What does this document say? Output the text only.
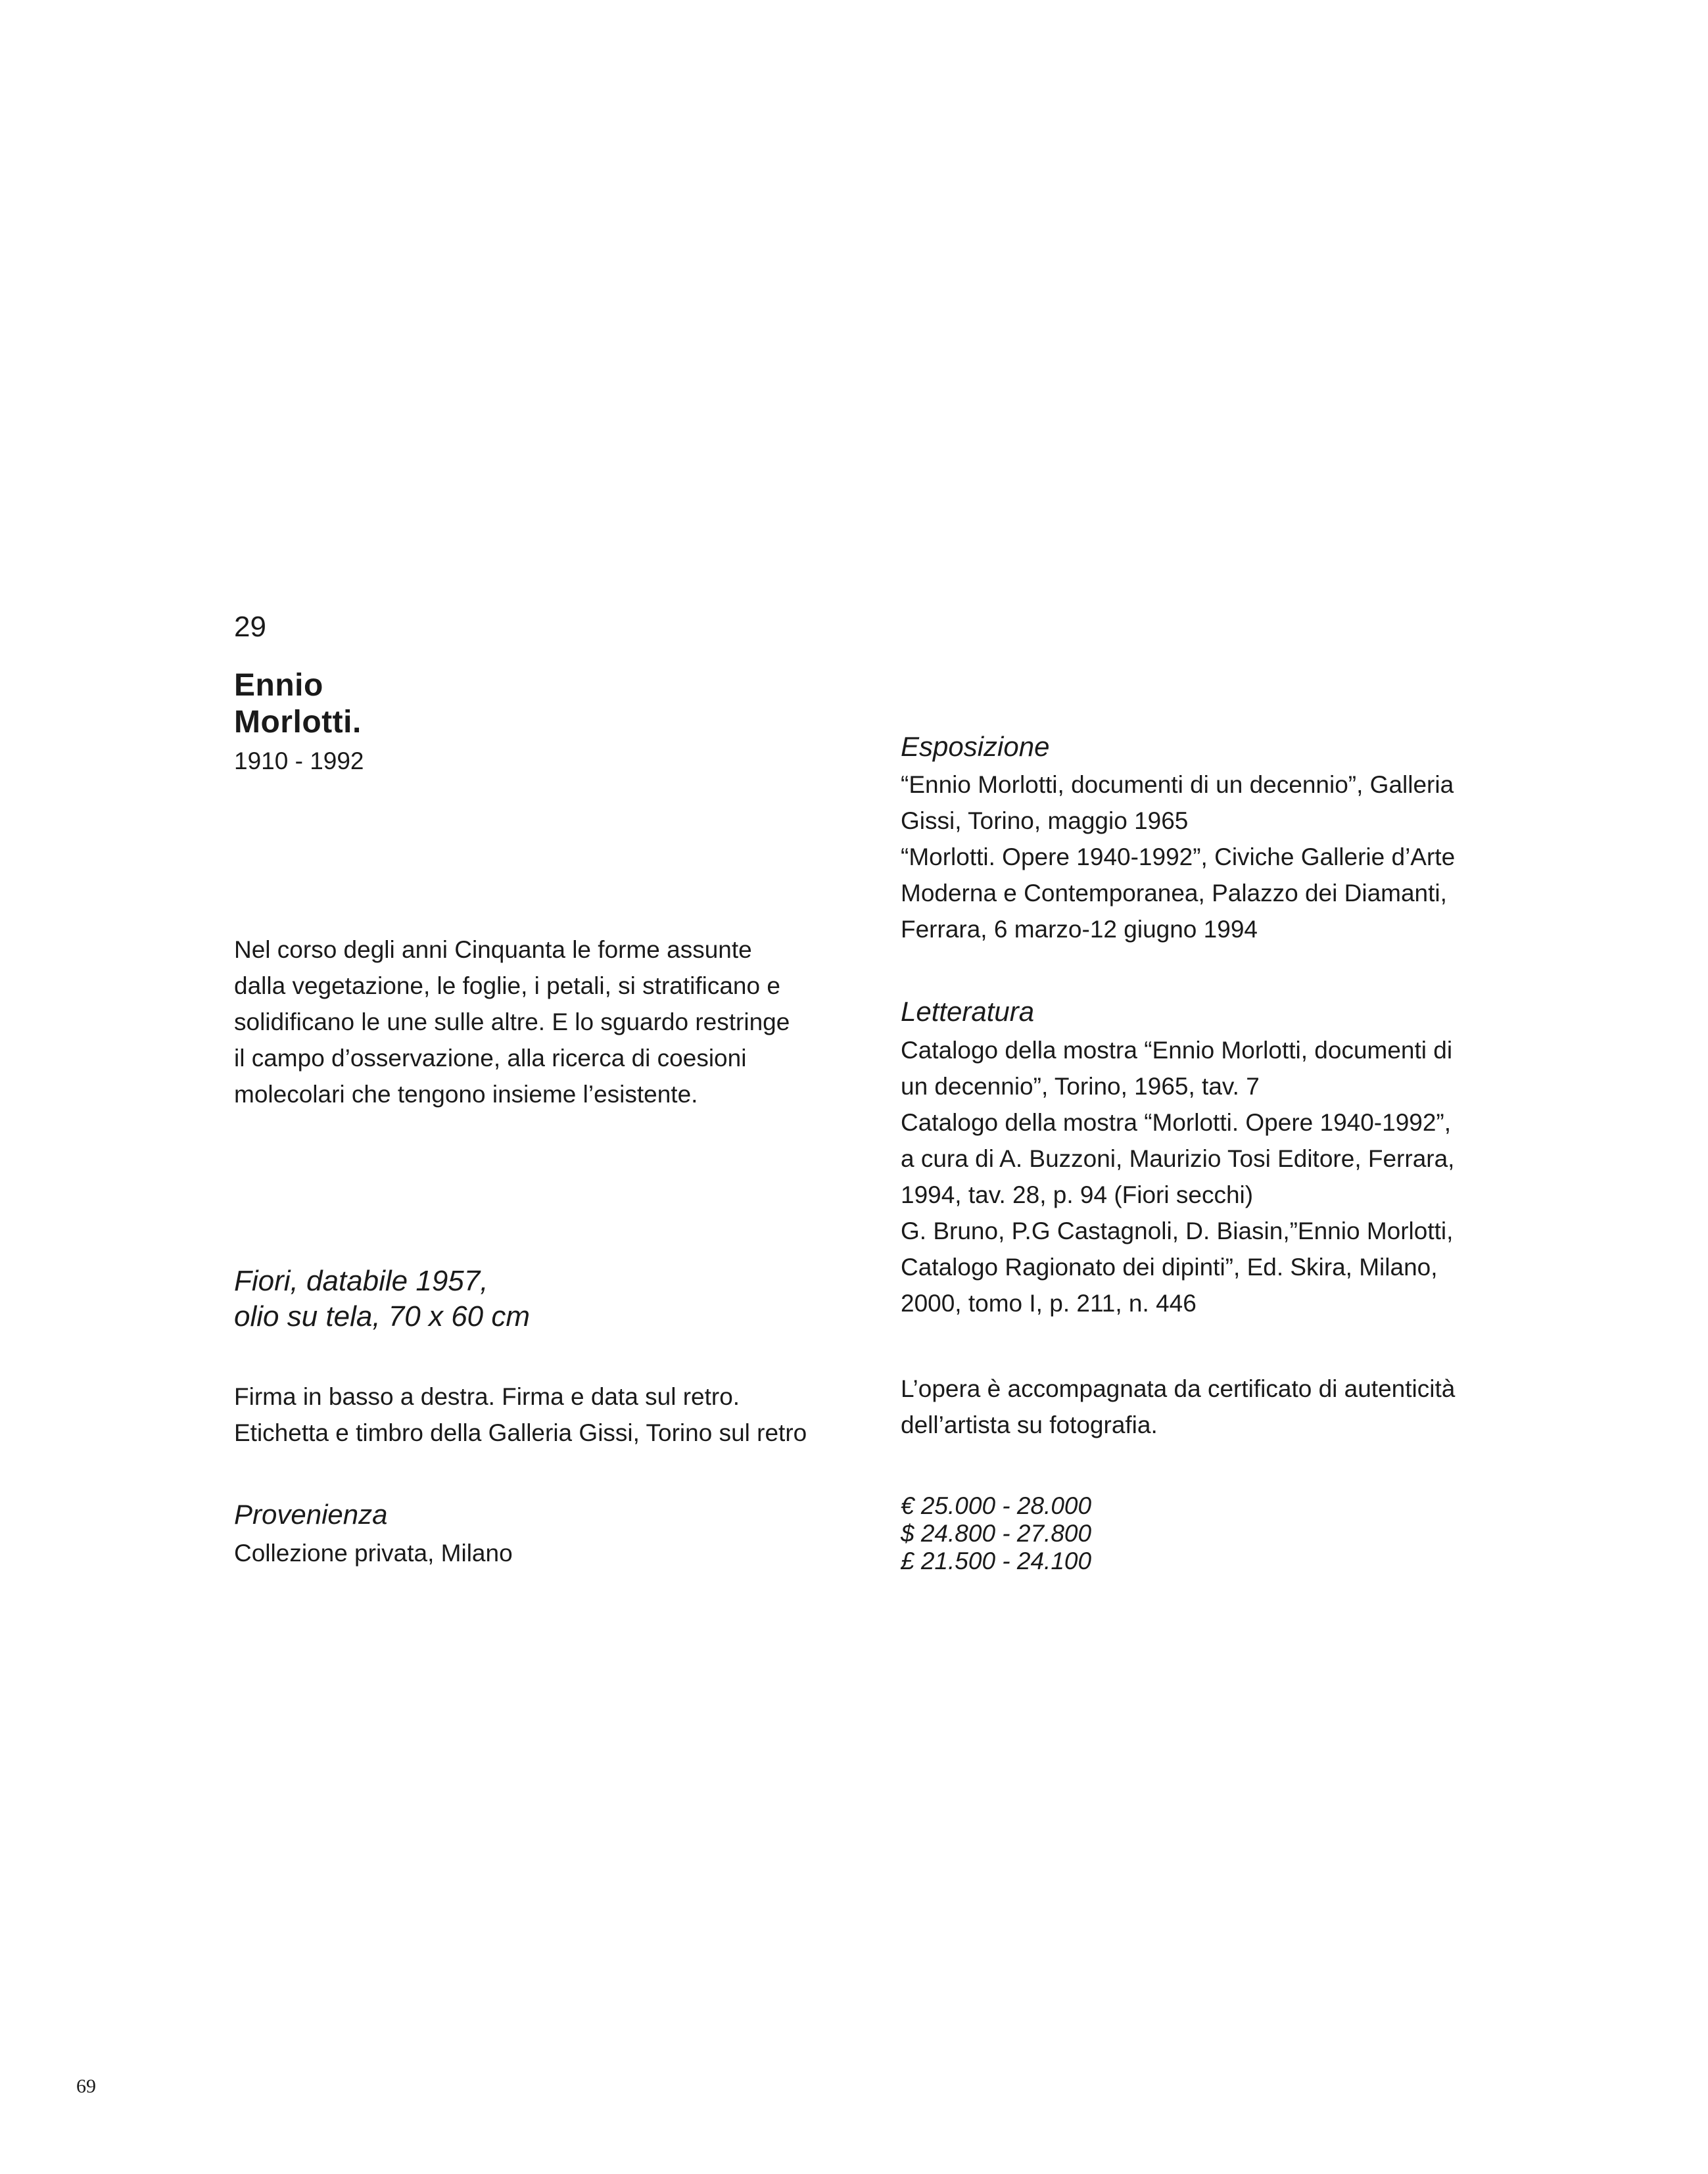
29
Ennio
Morlotti.
1910 - 1992
Nel corso degli anni Cinquanta le forme assunte
dalla vegetazione, le foglie, i petali, si stratificano e
solidificano le une sulle altre. E lo sguardo restringe
il campo d’osservazione, alla ricerca di coesioni
molecolari che tengono insieme l’esistente.
Fiori, databile 1957,
olio su tela, 70 x 60 cm
Firma in basso a destra. Firma e data sul retro.
Etichetta e timbro della Galleria Gissi, Torino sul retro
Provenienza
Collezione privata, Milano
Esposizione
“Ennio Morlotti, documenti di un decennio”, Galleria
Gissi, Torino, maggio 1965
“Morlotti. Opere 1940-1992”, Civiche Gallerie d’Arte
Moderna e Contemporanea, Palazzo dei Diamanti,
Ferrara, 6 marzo-12 giugno 1994
Letteratura
Catalogo della mostra “Ennio Morlotti, documenti di
un decennio”, Torino, 1965, tav. 7
Catalogo della mostra “Morlotti. Opere 1940-1992”,
a cura di A. Buzzoni, Maurizio Tosi Editore, Ferrara,
1994, tav. 28, p. 94 (Fiori secchi)
G. Bruno, P.G Castagnoli, D. Biasin,”Ennio Morlotti,
Catalogo Ragionato dei dipinti”, Ed. Skira, Milano,
2000, tomo I, p. 211, n. 446
L’opera è accompagnata da certificato di autenticità
dell’artista su fotografia.
€ 25.000 - 28.000
$ 24.800 - 27.800
£ 21.500 - 24.100
69
